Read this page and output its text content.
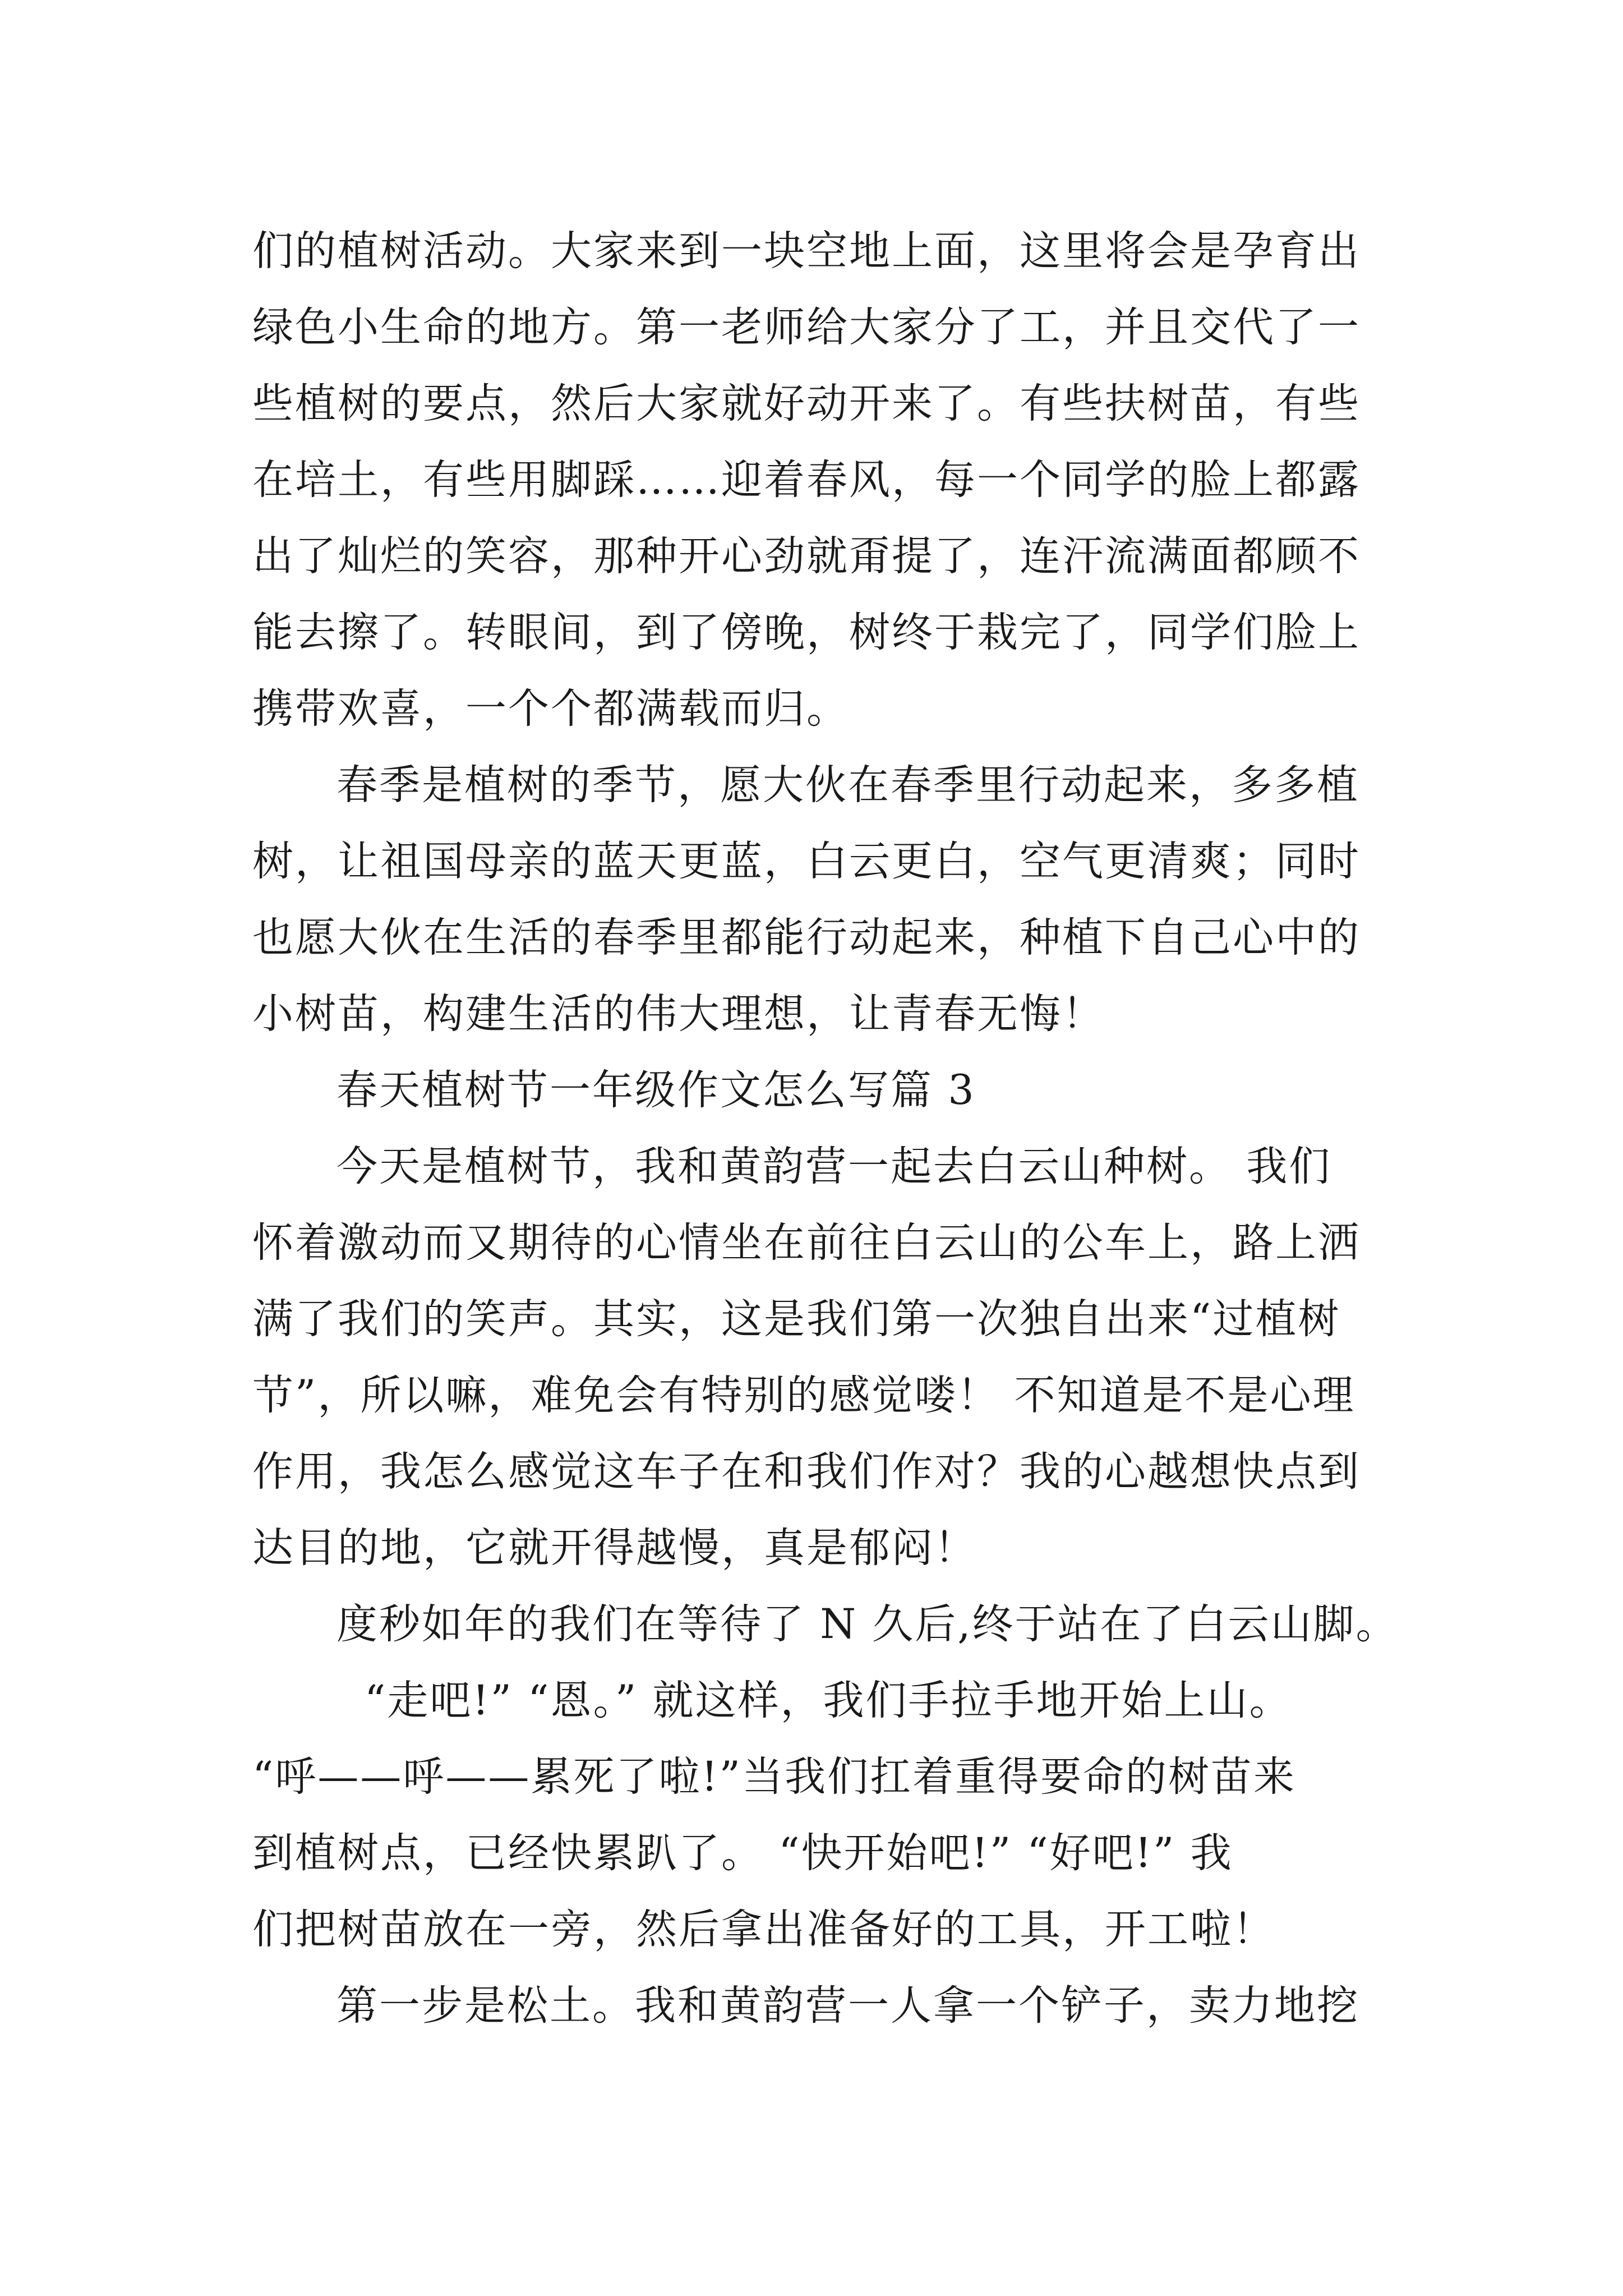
们的植树活动。大家来到一块空地上面，这里将会是孕育出
绿色小生命的地方。第一老师给大家分了工，并且交代了一
些植树的要点，然后大家就好动开来了。有些扶树苗，有些
在培土，有些用脚踩……迎着春风，每一个同学的脸上都露
出了灿烂的笑容，那种开心劲就甭提了，连汗流满面都顾不
能去擦了。转眼间，到了傍晚，树终于栽完了，同学们脸上
携带欢喜，一个个都满载而归。
春季是植树的季节，愿大伙在春季里行动起来，多多植
树，让祖国母亲的蓝天更蓝，白云更白，空气更清爽；同时
也愿大伙在生活的春季里都能行动起来，种植下自己心中的
小树苗，构建生活的伟大理想，让青春无悔！
春天植树节一年级作文怎么写篇 3
今天是植树节，我和黄韵营一起去白云山种树。 我们
怀着激动而又期待的心情坐在前往白云山的公车上，路上洒
满了我们的笑声。其实，这是我们第一次独自出来“过植树
节”，所以嘛，难免会有特别的感觉喽！ 不知道是不是心理
作用，我怎么感觉这车子在和我们作对？我的心越想快点到
达目的地，它就开得越慢，真是郁闷！
度秒如年的我们在等待了 N 久后,终于站在了白云山脚。
“走吧!” “恩。” 就这样，我们手拉手地开始上山。
“呼——呼——累死了啦!”当我们扛着重得要命的树苗来
到植树点，已经快累趴了。 “快开始吧!” “好吧!” 我
们把树苗放在一旁，然后拿出准备好的工具，开工啦！
第一步是松土。我和黄韵营一人拿一个铲子，卖力地挖
